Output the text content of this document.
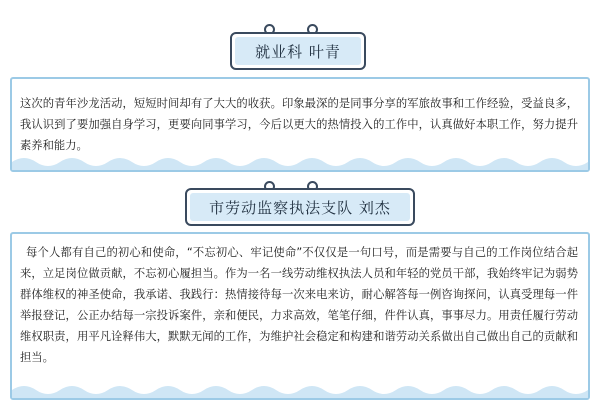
就业科 叶青
这次的青年沙龙活动，短短时间却有了大大的收获。印象最深的是同事分享的军旅故事和工作经验，受益良多，我认识到了要加强自身学习，更要向同事学习，今后以更大的热情投入的工作中，认真做好本职工作，努力提升素养和能力。
市劳动监察执法支队 刘杰
每个人都有自己的初心和使命，“不忘初心、牢记使命”不仅仅是一句口号，而是需要与自己的工作岗位结合起来，立足岗位做贡献，不忘初心履担当。作为一名一线劳动维权执法人员和年轻的党员干部，我始终牢记为弱势群体维权的神圣使命，我承诺、我践行：热情接待每一次来电来访，耐心解答每一例咨询探问，认真受理每一件举报登记，公正办结每一宗投诉案件，亲和便民，力求高效，笔笔仔细，件件认真，事事尽力。用责任履行劳动维权职责，用平凡诠释伟大，默默无闻的工作，为维护社会稳定和构建和谐劳动关系做出自己做出自己的贡献和担当。
